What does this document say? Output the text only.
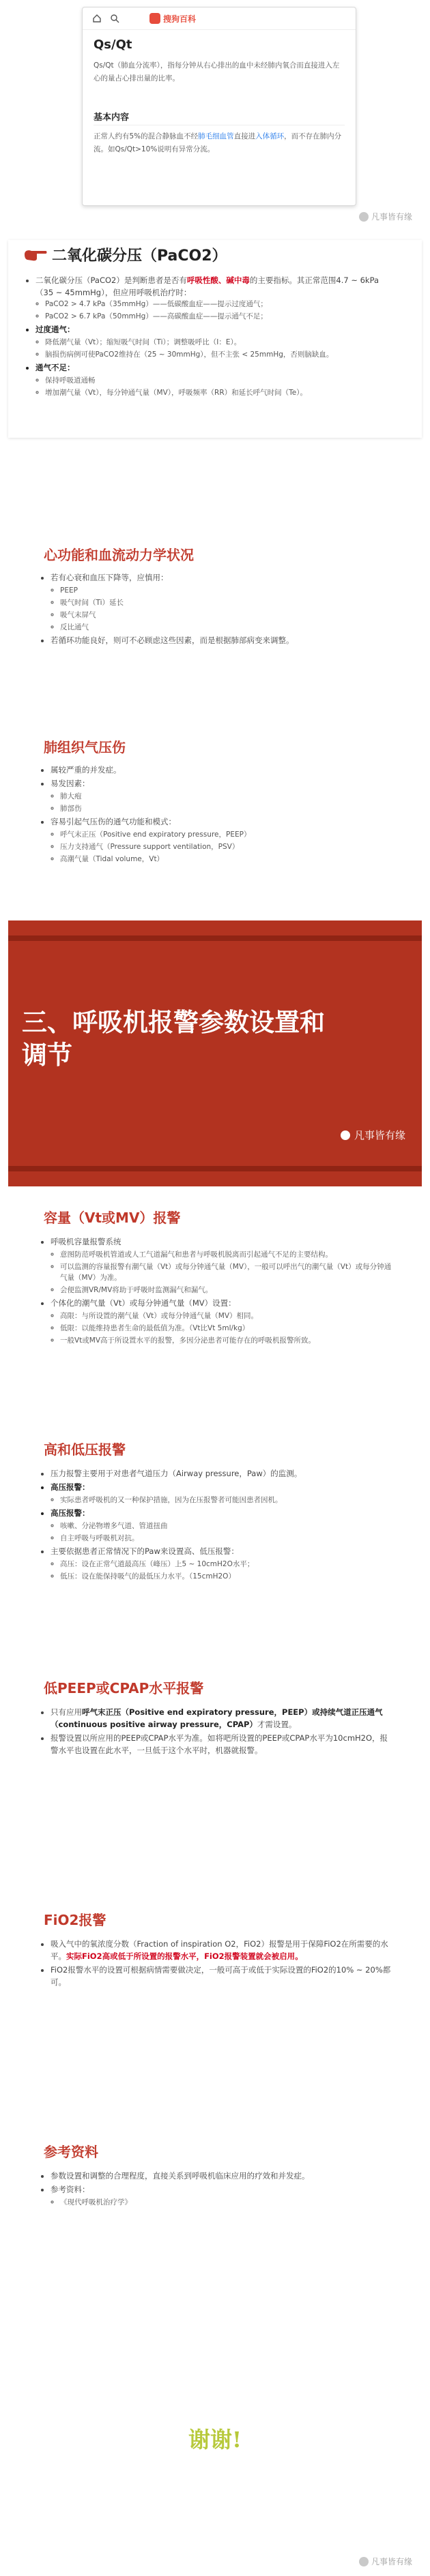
搜狗百科
Qs/Qt
Qs/Qt（肺血分流率），指每分钟从右心排出的血中未经肺内氧合而直接进入左心的量占心排出量的比率。
基本内容
正常人约有5%的混合静脉血不经肺毛细血管直接进入体循环，而不存在肺内分流。如Qs/Qt>10%说明有异常分流。
凡事皆有缘
二氧化碳分压（PaCO2）
• 二氧化碳分压（PaCO2）是判断患者是否有呼吸性酸、碱中毒的主要指标。其正常范围4.7 ~ 6kPa（35 ~ 45mmHg），但应用呼吸机治疗时：
◦ PaCO2 > 4.7 kPa（35mmHg）——低碳酸血症——提示过度通气；
◦ PaCO2 > 6.7 kPa（50mmHg）——高碳酸血症——提示通气不足；
• 过度通气：
◦ 降低潮气量（Vt）；缩短吸气时间（Ti）；调整吸呼比（I：E）。
◦ 脑损伤病例可使PaCO2维持在（25 ~ 30mmHg），但不主张 < 25mmHg，否则脑缺血。
• 通气不足：
◦ 保持呼吸道通畅
◦ 增加潮气量（Vt），每分钟通气量（MV），呼吸频率（RR）和延长呼气时间（Te）。
心功能和血流动力学状况
• 若有心衰和血压下降等，应慎用：
◦ PEEP
◦ 吸气时间（Ti）延长
◦ 吸气末屏气
◦ 反比通气
• 若循环功能良好，则可不必顾虑这些因素，而是根据肺部病变来调整。
肺组织气压伤
• 属较严重的并发症。
• 易发因素：
◦ 肺大疱
◦ 肺部伤
• 容易引起气压伤的通气功能和模式：
◦ 呼气末正压（Positive end expiratory pressure，PEEP）
◦ 压力支持通气（Pressure support ventilation，PSV）
◦ 高潮气量（Tidal volume，Vt）
三、呼吸机报警参数设置和
调节
凡事皆有缘
容量（Vt或MV）报警
• 呼吸机容量报警系统
◦ 意图防范呼吸机管道或人工气道漏气和患者与呼吸机脱离而引起通气不足的主要结构。
◦ 可以监测的容量报警有潮气量（Vt）或每分钟通气量（MV），一般可以呼出气的潮气量（Vt）或每分钟通气量（MV）为准。
◦ 会便监测VR/MV将助于呼吸时监测漏气和漏气。
• 个体化的潮气量（Vt）或每分钟通气量（MV）设置：
◦ 高限：与所设置的潮气量（Vt）或每分钟通气量（MV）相同。
◦ 低限：以能维持患者生命的最低值为准。（Vt比Vt 5ml/kg）
◦ 一般Vt或MV高于所设置水平的报警，多因分泌患者可能存在的呼吸机报警所致。
高和低压报警
• 压力报警主要用于对患者气道压力（Airway pressure，Paw）的监测。
• 高压报警：
◦ 实际患者呼吸机的又一种保护措施，因为在压报警者可能因患者因机。
• 高压报警：
◦ 咳嗽、分泌物增多气道、管道扭曲
◦ 自主呼吸与呼吸机对抗。
• 主要依据患者正常情况下的Paw来设置高、低压报警：
◦ 高压：设在正常气道最高压（峰压）上5 ~ 10cmH2O水平；
◦ 低压：设在能保持吸气的最低压力水平。（15cmH2O）
低PEEP或CPAP水平报警
• 只有应用呼气末正压（Positive end expiratory pressure，PEEP）或持续气道正压通气（continuous positive airway pressure，CPAP）才需设置。
• 报警设置以所应用的PEEP或CPAP水平为准。如将吧所设置的PEEP或CPAP水平为10cmH2O，报警水平也设置在此水平，一旦低于这个水平时，机器就报警。
FiO2报警
• 吸入气中的氧浓度分数（Fraction of inspiration O2，FiO2）报警是用于保障FiO2在所需要的水平。实际FiO2高或低于所设置的报警水平，FiO2报警装置就会被启用。
• FiO2报警水平的设置可根据病情需要做决定，一般可高于或低于实际设置的FiO2的10% ~ 20%都可。
参考资料
• 参数设置和调整的合理程度，直接关系到呼吸机临床应用的疗效和并发症。
• 参考资料：
◦ 《现代呼吸机治疗学》
谢谢!
凡事皆有缘
